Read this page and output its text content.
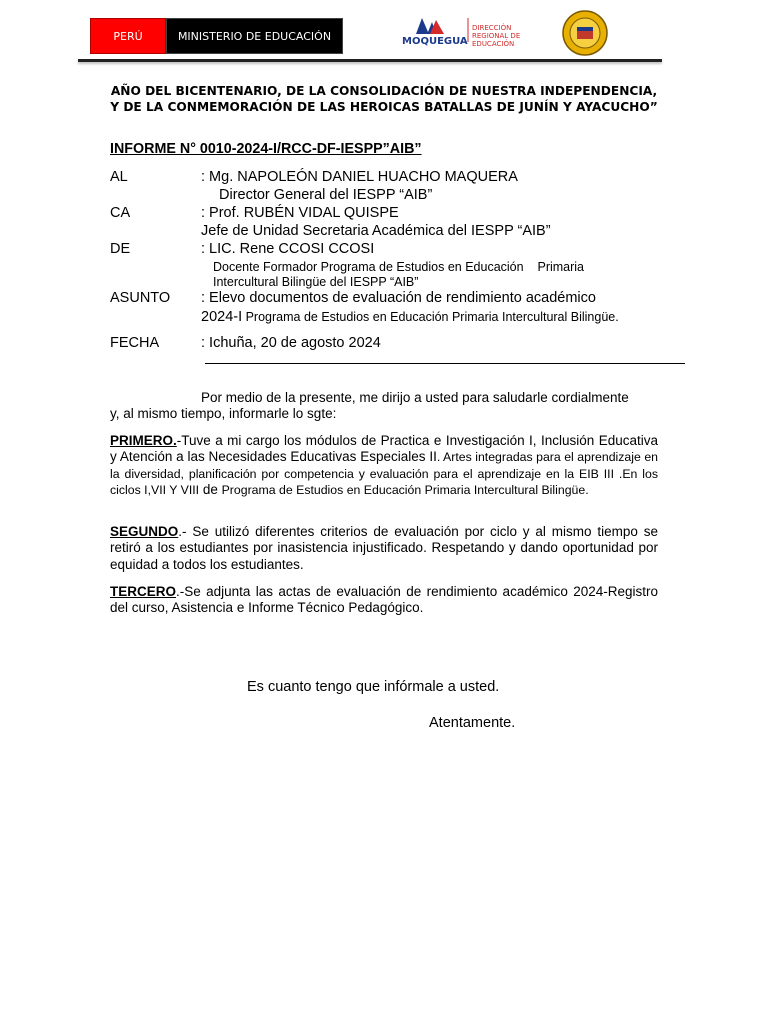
PERÚ	MINISTERIO DE EDUCACIÓN	MOQUEGUA
DIRECCIÓN REGIONAL DE EDUCACIÓN
AÑO DEL BICENTENARIO, DE LA CONSOLIDACIÓN DE NUESTRA INDEPENDENCIA, Y DE LA CONMEMORACIÓN DE LAS HEROICAS BATALLAS DE JUNÍN Y AYACUCHO”
INFORME N° 0010-2024-I/RCC-DF-IESPP”AIB”
AL	: Mg. NAPOLEÓN DANIEL HUACHO MAQUERA
Director General del IESPP “AIB”
CA	: Prof. RUBÉN VIDAL QUISPE
Jefe de Unidad Secretaria Académica del IESPP “AIB”
DE	: LIC. Rene CCOSI CCOSI
Docente Formador Programa de Estudios en Educación    Primaria
Intercultural Bilingüe del IESPP “AIB”
ASUNTO : Elevo documentos de evaluación de rendimiento académico
2024-I Programa de Estudios en Educación Primaria Intercultural Bilingüe.
FECHA	: Ichuña, 20 de agosto 2024
Por medio de la presente, me dirijo a usted para saludarle cordialmente
y, al mismo tiempo, informarle lo sgte:
PRIMERO.-Tuve a mi cargo los módulos de Practica e Investigación I, Inclusión Educativa y Atención a las Necesidades Educativas Especiales II. Artes integradas para el aprendizaje en la diversidad, planificación por competencia y evaluación para el aprendizaje en la EIB III .En los ciclos I,VII Y VIII de Programa de Estudios en Educación Primaria Intercultural Bilingüe.
SEGUNDO.- Se utilizó diferentes criterios de evaluación por ciclo y al mismo tiempo se retiró a los estudiantes por inasistencia injustificado. Respetando y dando oportunidad por equidad a todos los estudiantes.
TERCERO.-Se adjunta las actas de evaluación de rendimiento académico 2024-Registro del curso, Asistencia e Informe Técnico Pedagógico.
Es cuanto tengo que infórmale a usted.
Atentamente.
